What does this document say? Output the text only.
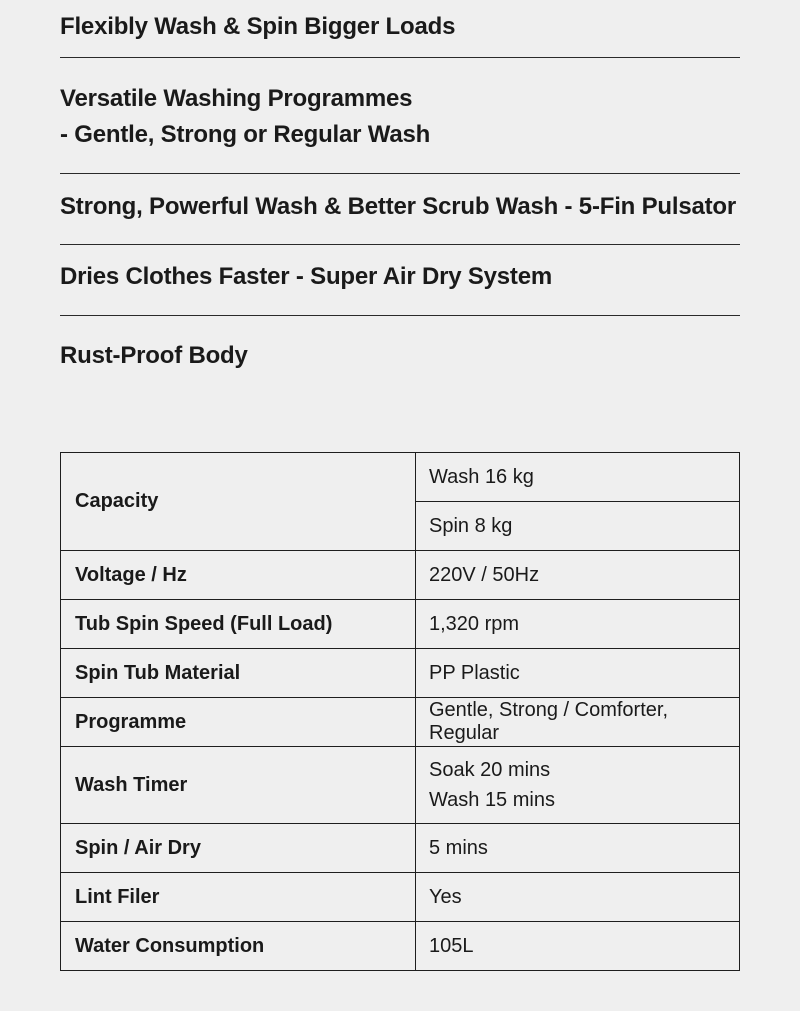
Flexibly Wash & Spin Bigger Loads
Versatile Washing Programmes
- Gentle, Strong or Regular Wash
Strong, Powerful Wash & Better Scrub Wash - 5-Fin Pulsator
Dries Clothes Faster - Super Air Dry System
Rust-Proof Body
Capacity	Wash 16 kg
	Spin 8 kg
Voltage / Hz	220V / 50Hz
Tub Spin Speed (Full Load)	1,320 rpm
Spin Tub Material	PP Plastic
Programme	Gentle, Strong / Comforter, Regular
Wash Timer	Soak 20 mins
Wash 15 mins

Spin / Air Dry	5 mins
Lint Filer	Yes
Water Consumption	105L
